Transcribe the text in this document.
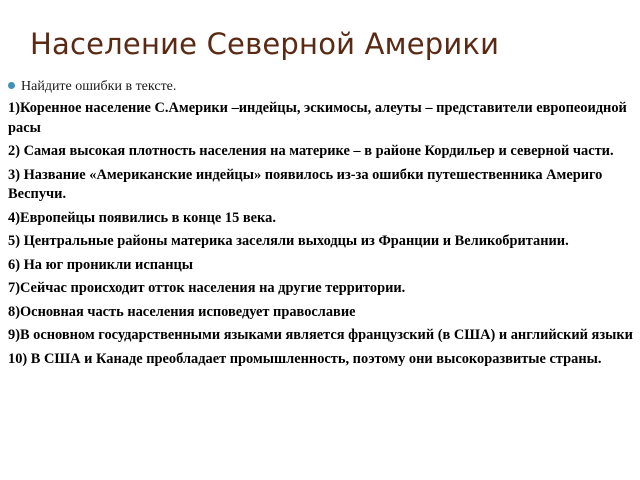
Население Северной Америки
Найдите ошибки в тексте.
1)Коренное население С.Америки –индейцы, эскимосы, алеуты – представители европеоидной расы
2) Самая высокая плотность населения на материке – в районе Кордильер и северной части.
3) Название «Американские индейцы» появилось из-за ошибки путешественника Америго Веспучи.
4)Европейцы появились в конце 15 века.
5) Центральные районы материка заселяли выходцы из Франции и Великобритании.
6) На юг проникли испанцы
7)Сейчас происходит отток населения на другие территории.
8)Основная часть населения исповедует православие
9)В основном государственными языками является французский (в США) и английский языки
10) В США и Канаде преобладает промышленность, поэтому они высокоразвитые страны.
